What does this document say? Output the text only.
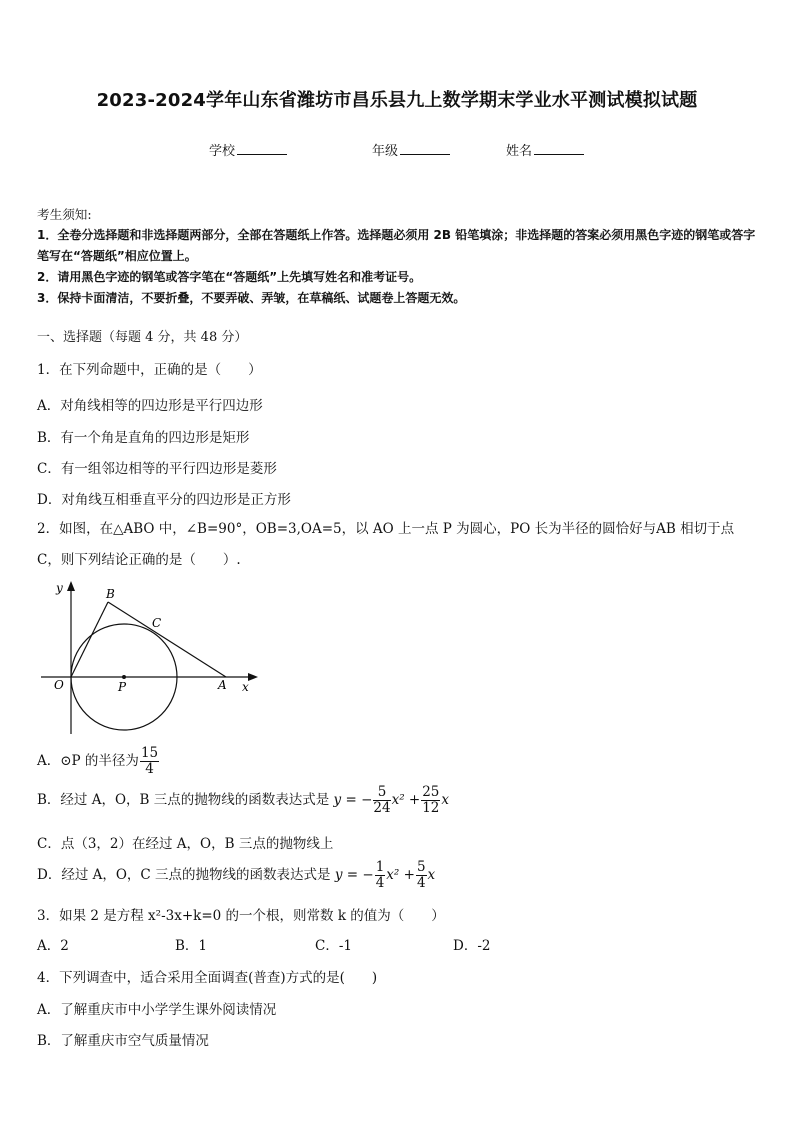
2023-2024学年山东省潍坊市昌乐县九上数学期末学业水平测试模拟试题
学校	年级	姓名
考生须知:
1．全卷分选择题和非选择题两部分，全部在答题纸上作答。选择题必须用 2B 铅笔填涂；非选择题的答案必须用黑色字迹的钢笔或答字笔写在“答题纸”相应位置上。
2．请用黑色字迹的钢笔或答字笔在“答题纸”上先填写姓名和准考证号。
3．保持卡面清洁，不要折叠，不要弄破、弄皱，在草稿纸、试题卷上答题无效。
一、选择题（每题 4 分，共 48 分）
1．在下列命题中，正确的是（　　）
A．对角线相等的四边形是平行四边形
B．有一个角是直角的四边形是矩形
C．有一组邻边相等的平行四边形是菱形
D．对角线互相垂直平分的四边形是正方形
2．如图，在△ABO 中，∠B=90°，OB=3,OA=5，以 AO 上一点 P 为圆心，PO 长为半径的圆恰好与AB 相切于点 C，则下列结论正确的是（　　）.
y
x
O	P	A
B
C
A．⊙P 的半径为 $\frac{15}{4}$
B．经过 A，O，B 三点的抛物线的函数表达式是 y = − $\frac{5}{24} x^2 + \frac{25}{12}$ x
C．点（3，2）在经过 A，O，B 三点的抛物线上
D．经过 A，O，C 三点的抛物线的函数表达式是 y = − $\frac{1}{4} x^2 + \frac{5}{4}$ x
3．如果 2 是方程 x²-3x+k=0 的一个根，则常数 k 的值为（　　）
A．2	B．1	C．-1	D．-2
4．下列调查中，适合采用全面调查(普查)方式的是(　　)
A．了解重庆市中小学学生课外阅读情况
B．了解重庆市空气质量情况
